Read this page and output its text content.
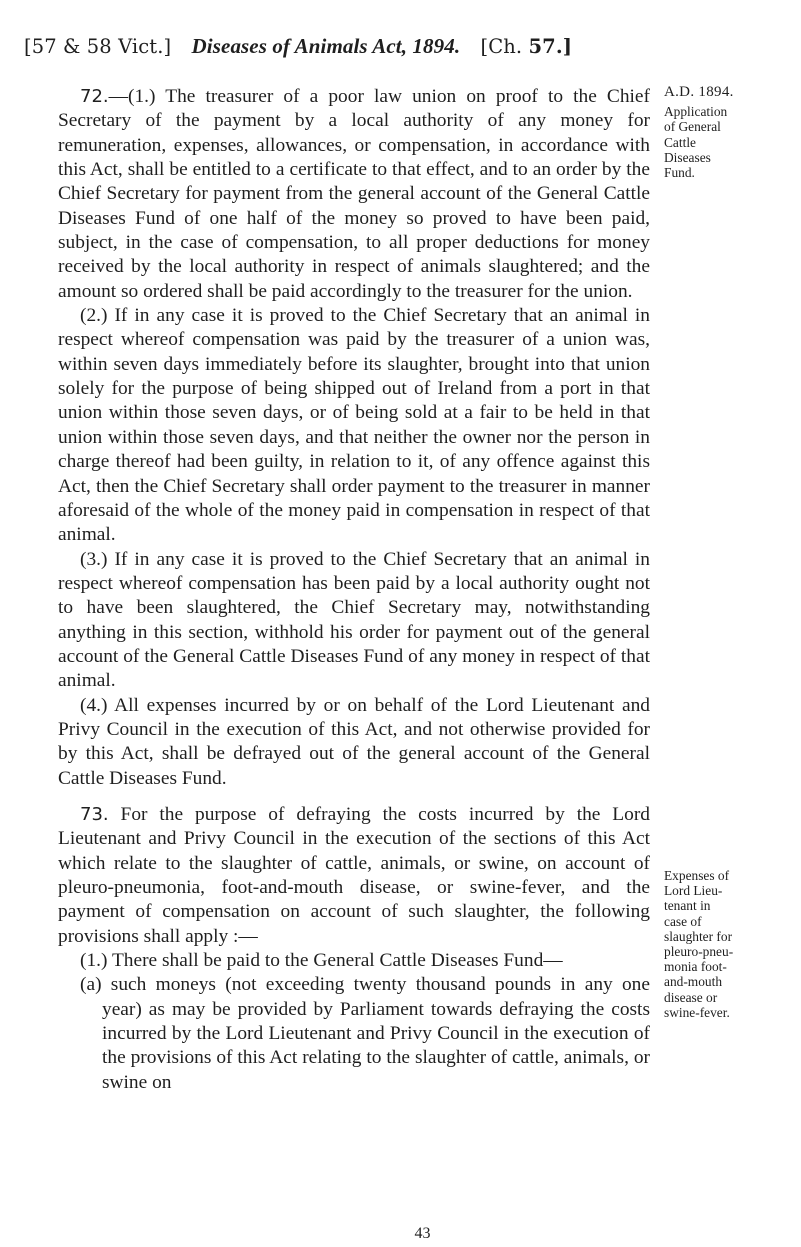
[57 & 58 Vict.] Diseases of Animals Act, 1894. [Ch. 57.]
A.D. 1894.
Application
of General
Cattle
Diseases
Fund.
Expenses of
Lord Lieu-
tenant in
case of
slaughter for
pleuro-pneu-
monia foot-
and-mouth
disease or
swine-fever.

72.—(1.) The treasurer of a poor law union on proof to the Chief Secretary of the payment by a local authority of any money for remuneration, expenses, allowances, or compensation, in accordance with this Act, shall be entitled to a certificate to that effect, and to an order by the Chief Secretary for payment from the general account of the General Cattle Diseases Fund of one half of the money so proved to have been paid, subject, in the case of compensation, to all proper deductions for money received by the local authority in respect of animals slaughtered; and the amount so ordered shall be paid accordingly to the treasurer for the union.

(2.) If in any case it is proved to the Chief Secretary that an animal in respect whereof compensation was paid by the treasurer of a union was, within seven days immediately before its slaughter, brought into that union solely for the purpose of being shipped out of Ireland from a port in that union within those seven days, or of being sold at a fair to be held in that union within those seven days, and that neither the owner nor the person in charge thereof had been guilty, in relation to it, of any offence against this Act, then the Chief Secretary shall order payment to the treasurer in manner aforesaid of the whole of the money paid in compensation in respect of that animal.

(3.) If in any case it is proved to the Chief Secretary that an animal in respect whereof compensation has been paid by a local authority ought not to have been slaughtered, the Chief Secretary may, notwithstanding anything in this section, withhold his order for payment out of the general account of the General Cattle Diseases Fund of any money in respect of that animal.

(4.) All expenses incurred by or on behalf of the Lord Lieutenant and Privy Council in the execution of this Act, and not otherwise provided for by this Act, shall be defrayed out of the general account of the General Cattle Diseases Fund.

73. For the purpose of defraying the costs incurred by the Lord Lieutenant and Privy Council in the execution of the sections of this Act which relate to the slaughter of cattle, animals, or swine, on account of pleuro-pneumonia, foot-and-mouth disease, or swine-fever, and the payment of compensation on account of such slaughter, the following provisions shall apply :—

(1.) There shall be paid to the General Cattle Diseases Fund—

(a) such moneys (not exceeding twenty thousand pounds in any one year) as may be provided by Parliament towards defraying the costs incurred by the Lord Lieutenant and Privy Council in the execution of the provisions of this Act relating to the slaughter of cattle, animals, or swine on

43
